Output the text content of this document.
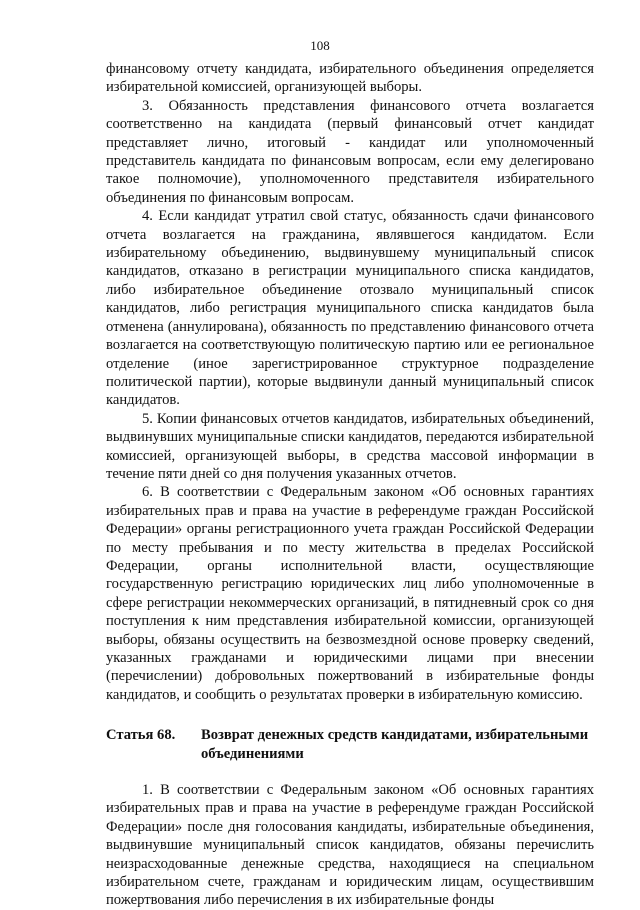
108

финансовому отчету кандидата, избирательного объединения определяется избирательной комиссией, организующей выборы.

3. Обязанность представления финансового отчета возлагается соответственно на кандидата (первый финансовый отчет кандидат представляет лично, итоговый - кандидат или уполномоченный представитель кандидата по финансовым вопросам, если ему делегировано такое полномочие), уполномоченного представителя избирательного объединения по финансовым вопросам.

4. Если кандидат утратил свой статус, обязанность сдачи финансового отчета возлагается на гражданина, являвшегося кандидатом. Если избирательному объединению, выдвинувшему муниципальный список кандидатов, отказано в регистрации муниципального списка кандидатов, либо избирательное объединение отозвало муниципальный список кандидатов, либо регистрация муниципального списка кандидатов была отменена (аннулирована), обязанность по представлению финансового отчета возлагается на соответствующую политическую партию или ее региональное отделение (иное зарегистрированное структурное подразделение политической партии), которые выдвинули данный муниципальный список кандидатов.

5. Копии финансовых отчетов кандидатов, избирательных объединений, выдвинувших муниципальные списки кандидатов, передаются избирательной комиссией, организующей выборы, в средства массовой информации в течение пяти дней со дня получения указанных отчетов.

6. В соответствии с Федеральным законом «Об основных гарантиях избирательных прав и права на участие в референдуме граждан Российской Федерации» органы регистрационного учета граждан Российской Федерации по месту пребывания и по месту жительства в пределах Российской Федерации, органы исполнительной власти, осуществляющие государственную регистрацию юридических лиц либо уполномоченные в сфере регистрации некоммерческих организаций, в пятидневный срок со дня поступления к ним представления избирательной комиссии, организующей выборы, обязаны осуществить на безвозмездной основе проверку сведений, указанных гражданами и юридическими лицами при внесении (перечислении) добровольных пожертвований в избирательные фонды кандидатов, и сообщить о результатах проверки в избирательную комиссию.

Статья 68.	Возврат денежных средств кандидатами, избирательными объединениями

1. В соответствии с Федеральным законом «Об основных гарантиях избирательных прав и права на участие в референдуме граждан Российской Федерации» после дня голосования кандидаты, избирательные объединения, выдвинувшие муниципальный список кандидатов, обязаны перечислить неизрасходованные денежные средства, находящиеся на специальном избирательном счете, гражданам и юридическим лицам, осуществившим пожертвования либо перечисления в их избирательные фонды
